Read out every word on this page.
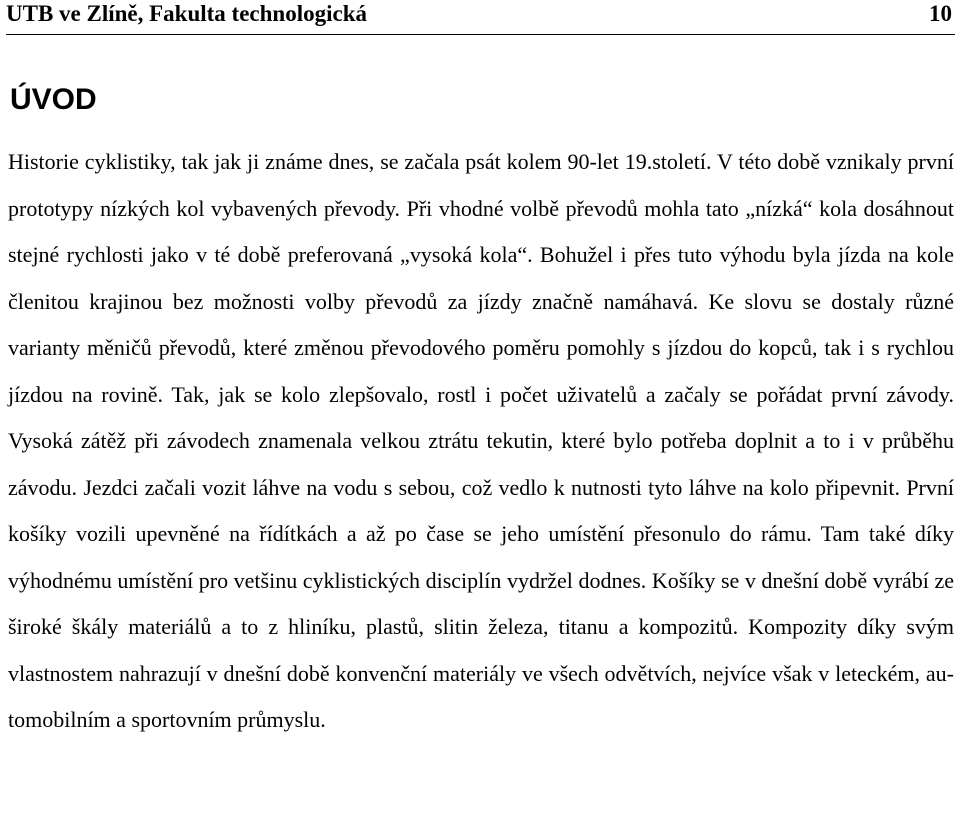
UTB ve Zlíně, Fakulta technologická	10
ÚVOD

Historie cyklistiky, tak jak ji známe dnes, se začala psát kolem 90-let 19.století. V této době vznikaly první prototypy nízkých kol vybavených převody. Při vhodné volbě převodů mohla tato „nízká“ kola dosáhnout stejné rychlosti jako v té době preferovaná „vysoká kola“. Bohužel i přes tuto výhodu byla jízda na kole členitou krajinou bez možnosti volby převodů za jízdy značně namáhavá. Ke slovu se dostaly různé varianty měničů převodů, které změnou převodového poměru pomohly s jízdou do kopců, tak i s rychlou jízdou na rovině. Tak, jak se kolo zlepšovalo, rostl i počet uživatelů a začaly se pořádat první závody. Vysoká zátěž při závodech znamenala velkou ztrátu tekutin, které bylo potřeba doplnit a to i v průběhu závodu. Jezdci začali vozit láhve na vodu s sebou, což vedlo k nutnosti tyto láhve na kolo připevnit. První košíky vozili upevněné na řídítkách a až po čase se jeho umístění přesonulo do rámu. Tam také díky výhodnému umístění pro vetšinu cyklistických disciplín vydržel dodnes. Košíky se v dnešní době vyrábí ze široké škály materiálů a to z hliníku, plastů, slitin železa, titanu a kompozitů. Kompozity díky svým vlastnostem nahrazují v dnešní době konvenční materiály ve všech odvětvích, nejvíce však v leteckém, automobilním a sportovním průmyslu.
